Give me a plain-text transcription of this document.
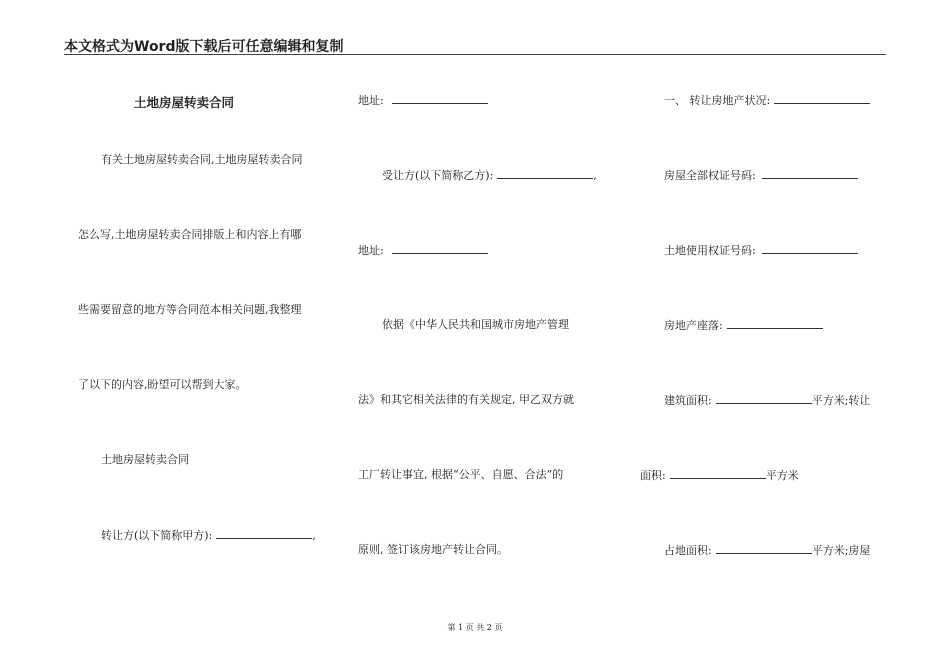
本文格式为Word版下载后可任意编辑和复制
土地房屋转卖合同
有关土地房屋转卖合同,土地房屋转卖合同
怎么写,土地房屋转卖合同排版上和内容上有哪
些需要留意的地方等合同范本相关问题,我整理
了以下的内容,盼望可以帮到大家。
土地房屋转卖合同
转让方(以下简称甲方):	,
地址:
受让方(以下简称乙方):	,
地址:
依据《中华人民共和国城市房地产管理
法》和其它相关法律的有关规定, 甲乙双方就
工厂转让事宜, 根据“公平、自愿、合法”的
原则, 签订该房地产转让合同。
一、 转让房地产状况:
房屋全部权证号码:
土地使用权证号码:
房地产座落:
建筑面积:	平方米;转让
面积:	平方米
占地面积:	平方米;房屋
第 1 页 共 2 页
